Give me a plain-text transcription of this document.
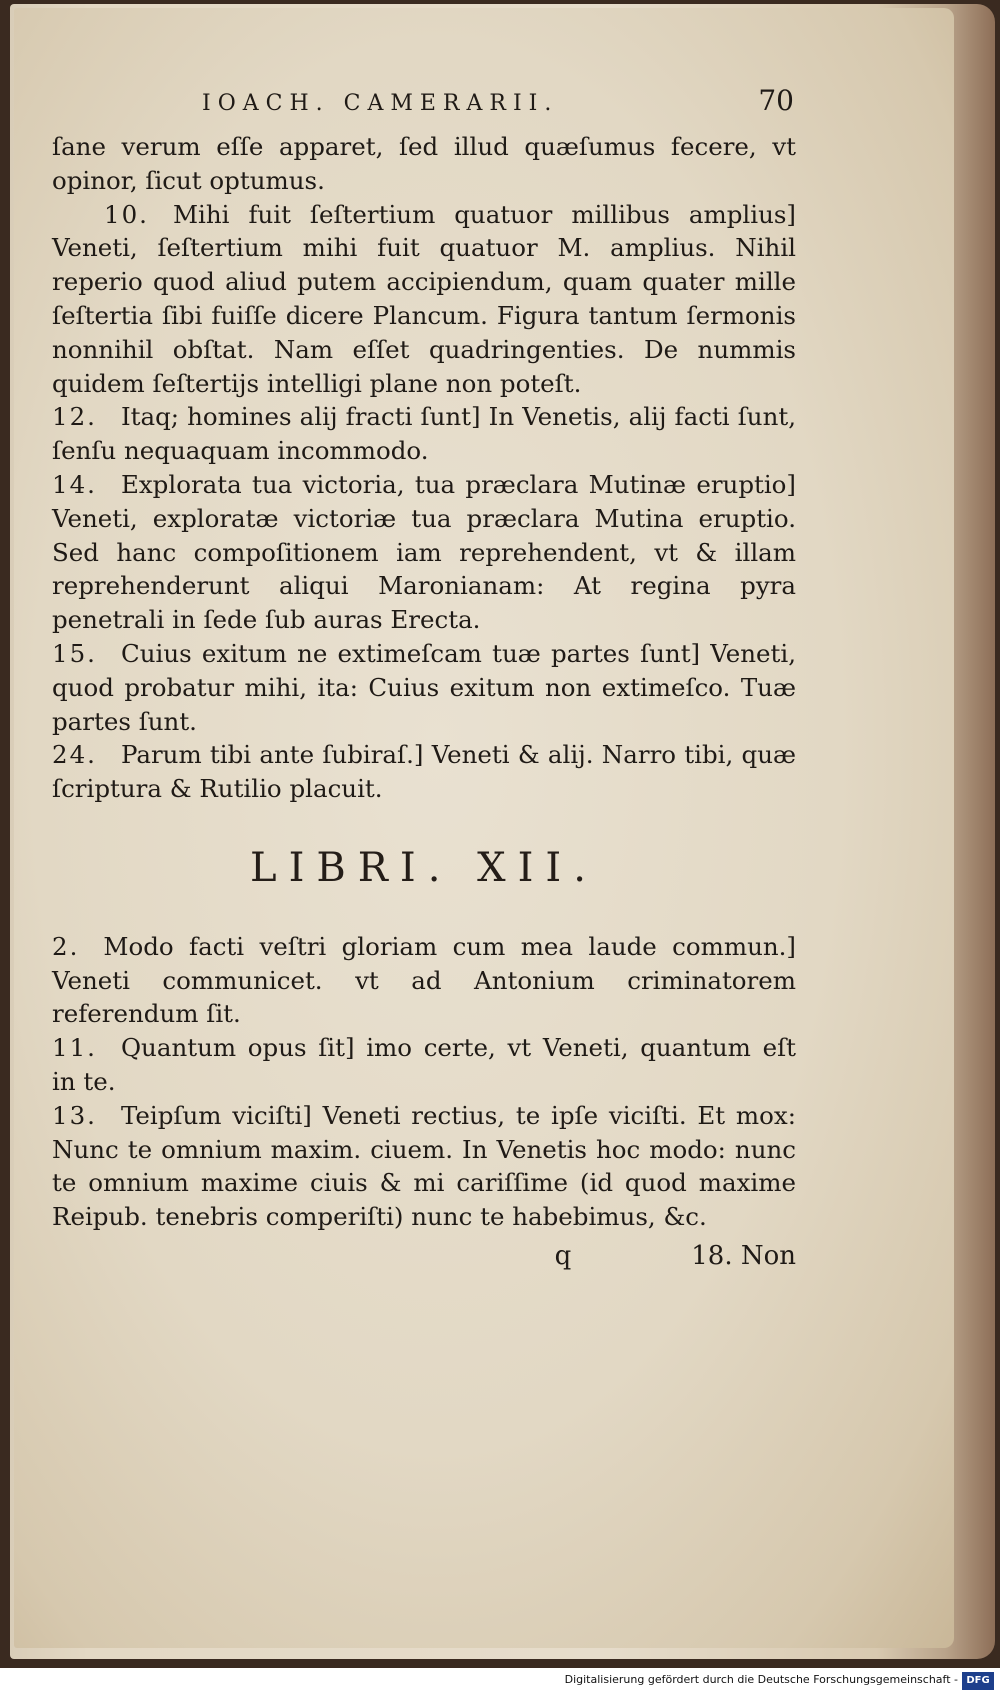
IOACH. CAMERARII.	70

ſane verum eſſe apparet, ſed illud quæſumus fecere, vt opinor, ſicut optumus.

10. Mihi fuit ſeſtertium quatuor millibus amplius] Veneti, ſeſtertium mihi fuit quatuor M. amplius. Nihil reperio quod aliud putem accipiendum, quam quater mille ſeſtertia ſibi fuiſſe dicere Plancum. Figura tantum ſermonis nonnihil obſtat. Nam eſſet quadringenties. De nummis quidem ſeſtertijs intelligi plane non poteſt.

12. Itaq; homines alij fracti ſunt] In Venetis, alij facti ſunt, ſenſu nequaquam incommodo.

14. Explorata tua victoria, tua præclara Mutinæ eruptio] Veneti, exploratæ victoriæ tua præclara Mutina eruptio. Sed hanc compoſitionem iam reprehendent, vt & illam reprehenderunt aliqui Maronianam: At regina pyra penetrali in ſede ſub auras Erecta.

15. Cuius exitum ne extimeſcam tuæ partes ſunt] Veneti, quod probatur mihi, ita: Cuius exitum non extimeſco. Tuæ partes ſunt.

24. Parum tibi ante ſubiraſ.] Veneti & alij. Narro tibi, quæ ſcriptura & Rutilio placuit.

LIBRI. XII.

2. Modo facti veſtri gloriam cum mea laude commun.] Veneti communicet. vt ad Antonium criminatorem referendum ſit.

11. Quantum opus ſit] imo certe, vt Veneti, quantum eſt in te.

13. Teipſum viciſti] Veneti rectius, te ipſe viciſti. Et mox: Nunc te omnium maxim. ciuem. In Venetis hoc modo: nunc te omnium maxime ciuis & mi cariſſime (id quod maxime Reipub. tenebris comperiſti) nunc te habebimus, &c.

q	18. Non
Digitalisierung gefördert durch die Deutsche Forschungsgemeinschaft - DFG
